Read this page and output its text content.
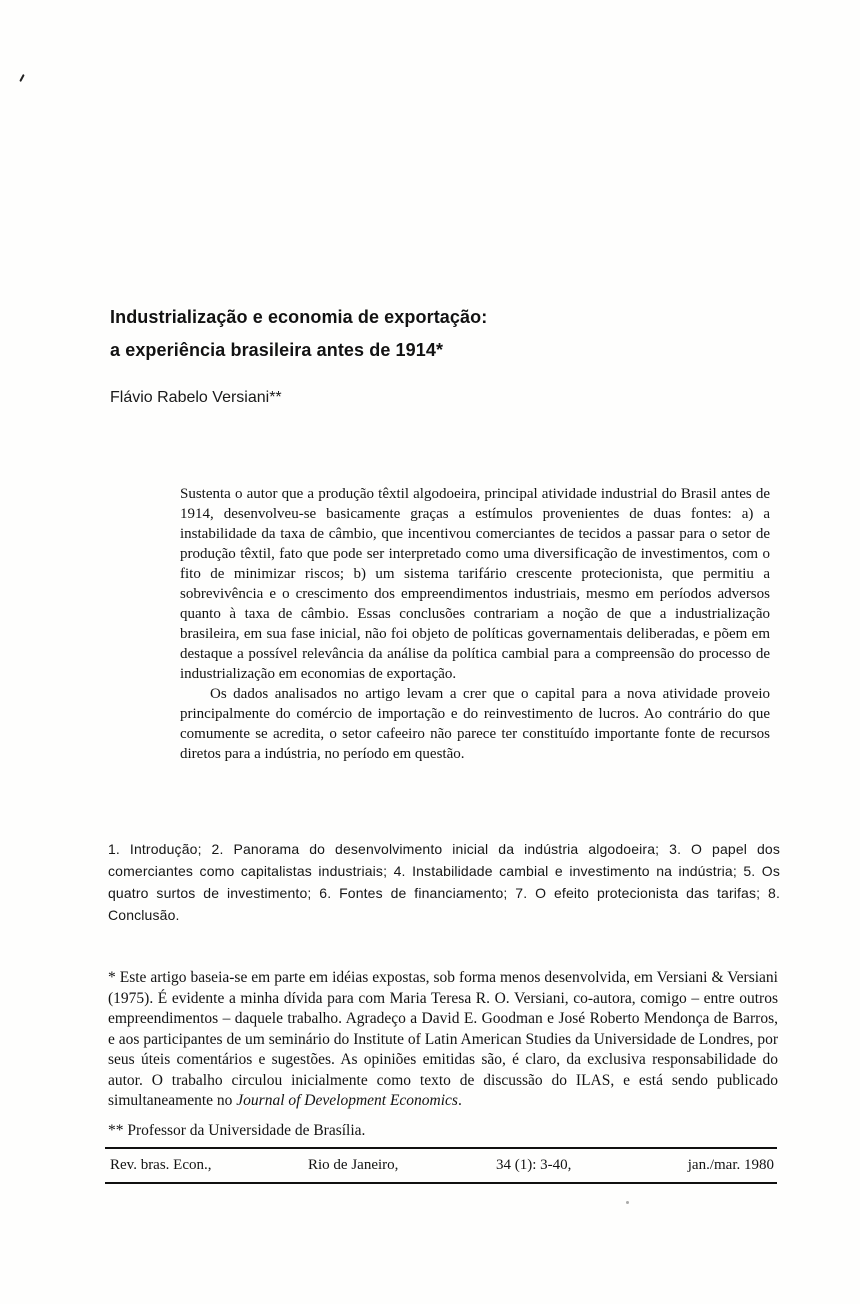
Industrialização e economia de exportação:
a experiência brasileira antes de 1914*
Flávio Rabelo Versiani**

Sustenta o autor que a produção têxtil algodoeira, principal atividade industrial do Brasil antes de 1914, desenvolveu-se basicamente graças a estímulos provenientes de duas fontes: a) a instabilidade da taxa de câmbio, que incentivou comerciantes de tecidos a passar para o setor de produção têxtil, fato que pode ser interpretado como uma diversificação de investimentos, com o fito de minimizar riscos; b) um sistema tarifário crescente protecionista, que permitiu a sobrevivência e o crescimento dos empreendimentos industriais, mesmo em períodos adversos quanto à taxa de câmbio. Essas conclusões contrariam a noção de que a industrialização brasileira, em sua fase inicial, não foi objeto de políticas governamentais deliberadas, e põem em destaque a possível relevância da análise da política cambial para a compreensão do processo de industrialização em economias de exportação.

Os dados analisados no artigo levam a crer que o capital para a nova atividade proveio principalmente do comércio de importação e do reinvestimento de lucros. Ao contrário do que comumente se acredita, o setor cafeeiro não parece ter constituído importante fonte de recursos diretos para a indústria, no período em questão.

1. Introdução; 2. Panorama do desenvolvimento inicial da indústria algodoeira; 3. O papel dos comerciantes como capitalistas industriais; 4. Instabilidade cambial e investimento na indústria; 5. Os quatro surtos de investimento; 6. Fontes de financiamento; 7. O efeito protecionista das tarifas; 8. Conclusão.

* Este artigo baseia-se em parte em idéias expostas, sob forma menos desenvolvida, em Versiani & Versiani (1975). É evidente a minha dívida para com Maria Teresa R. O. Versiani, co-autora, comigo – entre outros empreendimentos – daquele trabalho. Agradeço a David E. Goodman e José Roberto Mendonça de Barros, e aos participantes de um seminário do Institute of Latin American Studies da Universidade de Londres, por seus úteis comentários e sugestões. As opiniões emitidas são, é claro, da exclusiva responsabilidade do autor. O trabalho circulou inicialmente como texto de discussão do ILAS, e está sendo publicado simultaneamente no Journal of Development Economics.

** Professor da Universidade de Brasília.

Rev. bras. Econ.,	Rio de Janeiro,	34 (1): 3-40,	jan./mar. 1980
